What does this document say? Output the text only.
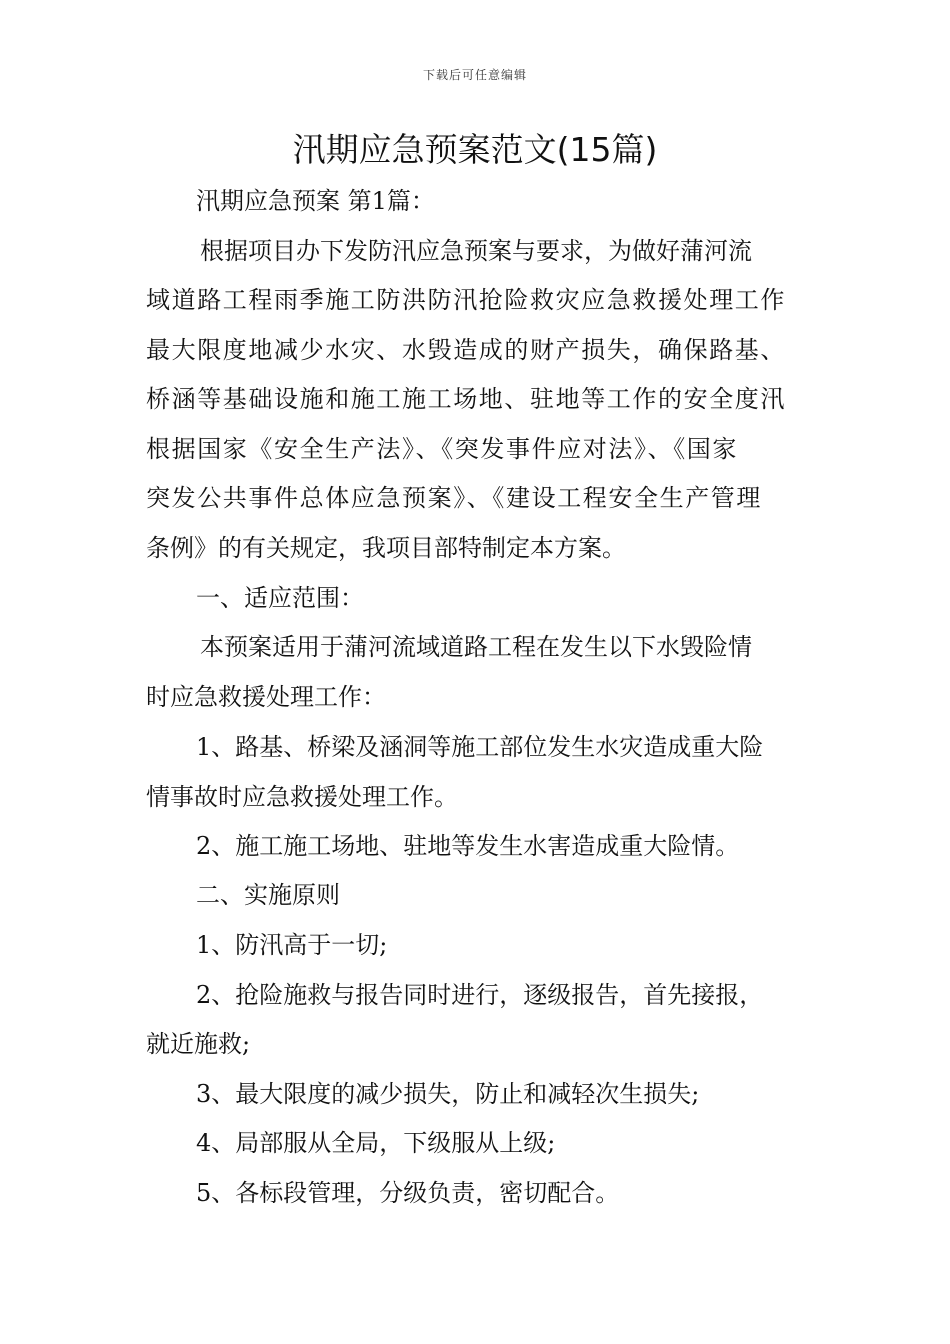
下载后可任意编辑
汛期应急预案范文(15篇)
汛期应急预案 第1篇：
根据项目办下发防汛应急预案与要求，为做好蒲河流
域道路工程雨季施工防洪防汛抢险救灾应急救援处理工作
最大限度地减少水灾、水毁造成的财产损失，确保路基、
桥涵等基础设施和施工施工场地、驻地等工作的安全度汛
根据国家《安全生产法》、《突发事件应对法》、《国家
突发公共事件总体应急预案》、《建设工程安全生产管理
条例》的有关规定，我项目部特制定本方案。
一、适应范围：
本预案适用于蒲河流域道路工程在发生以下水毁险情
时应急救援处理工作：
1、路基、桥梁及涵洞等施工部位发生水灾造成重大险
情事故时应急救援处理工作。
2、施工施工场地、驻地等发生水害造成重大险情。
二、实施原则
1、防汛高于一切;
2、抢险施救与报告同时进行，逐级报告，首先接报，
就近施救;
3、最大限度的减少损失，防止和减轻次生损失;
4、局部服从全局，下级服从上级;
5、各标段管理，分级负责，密切配合。
